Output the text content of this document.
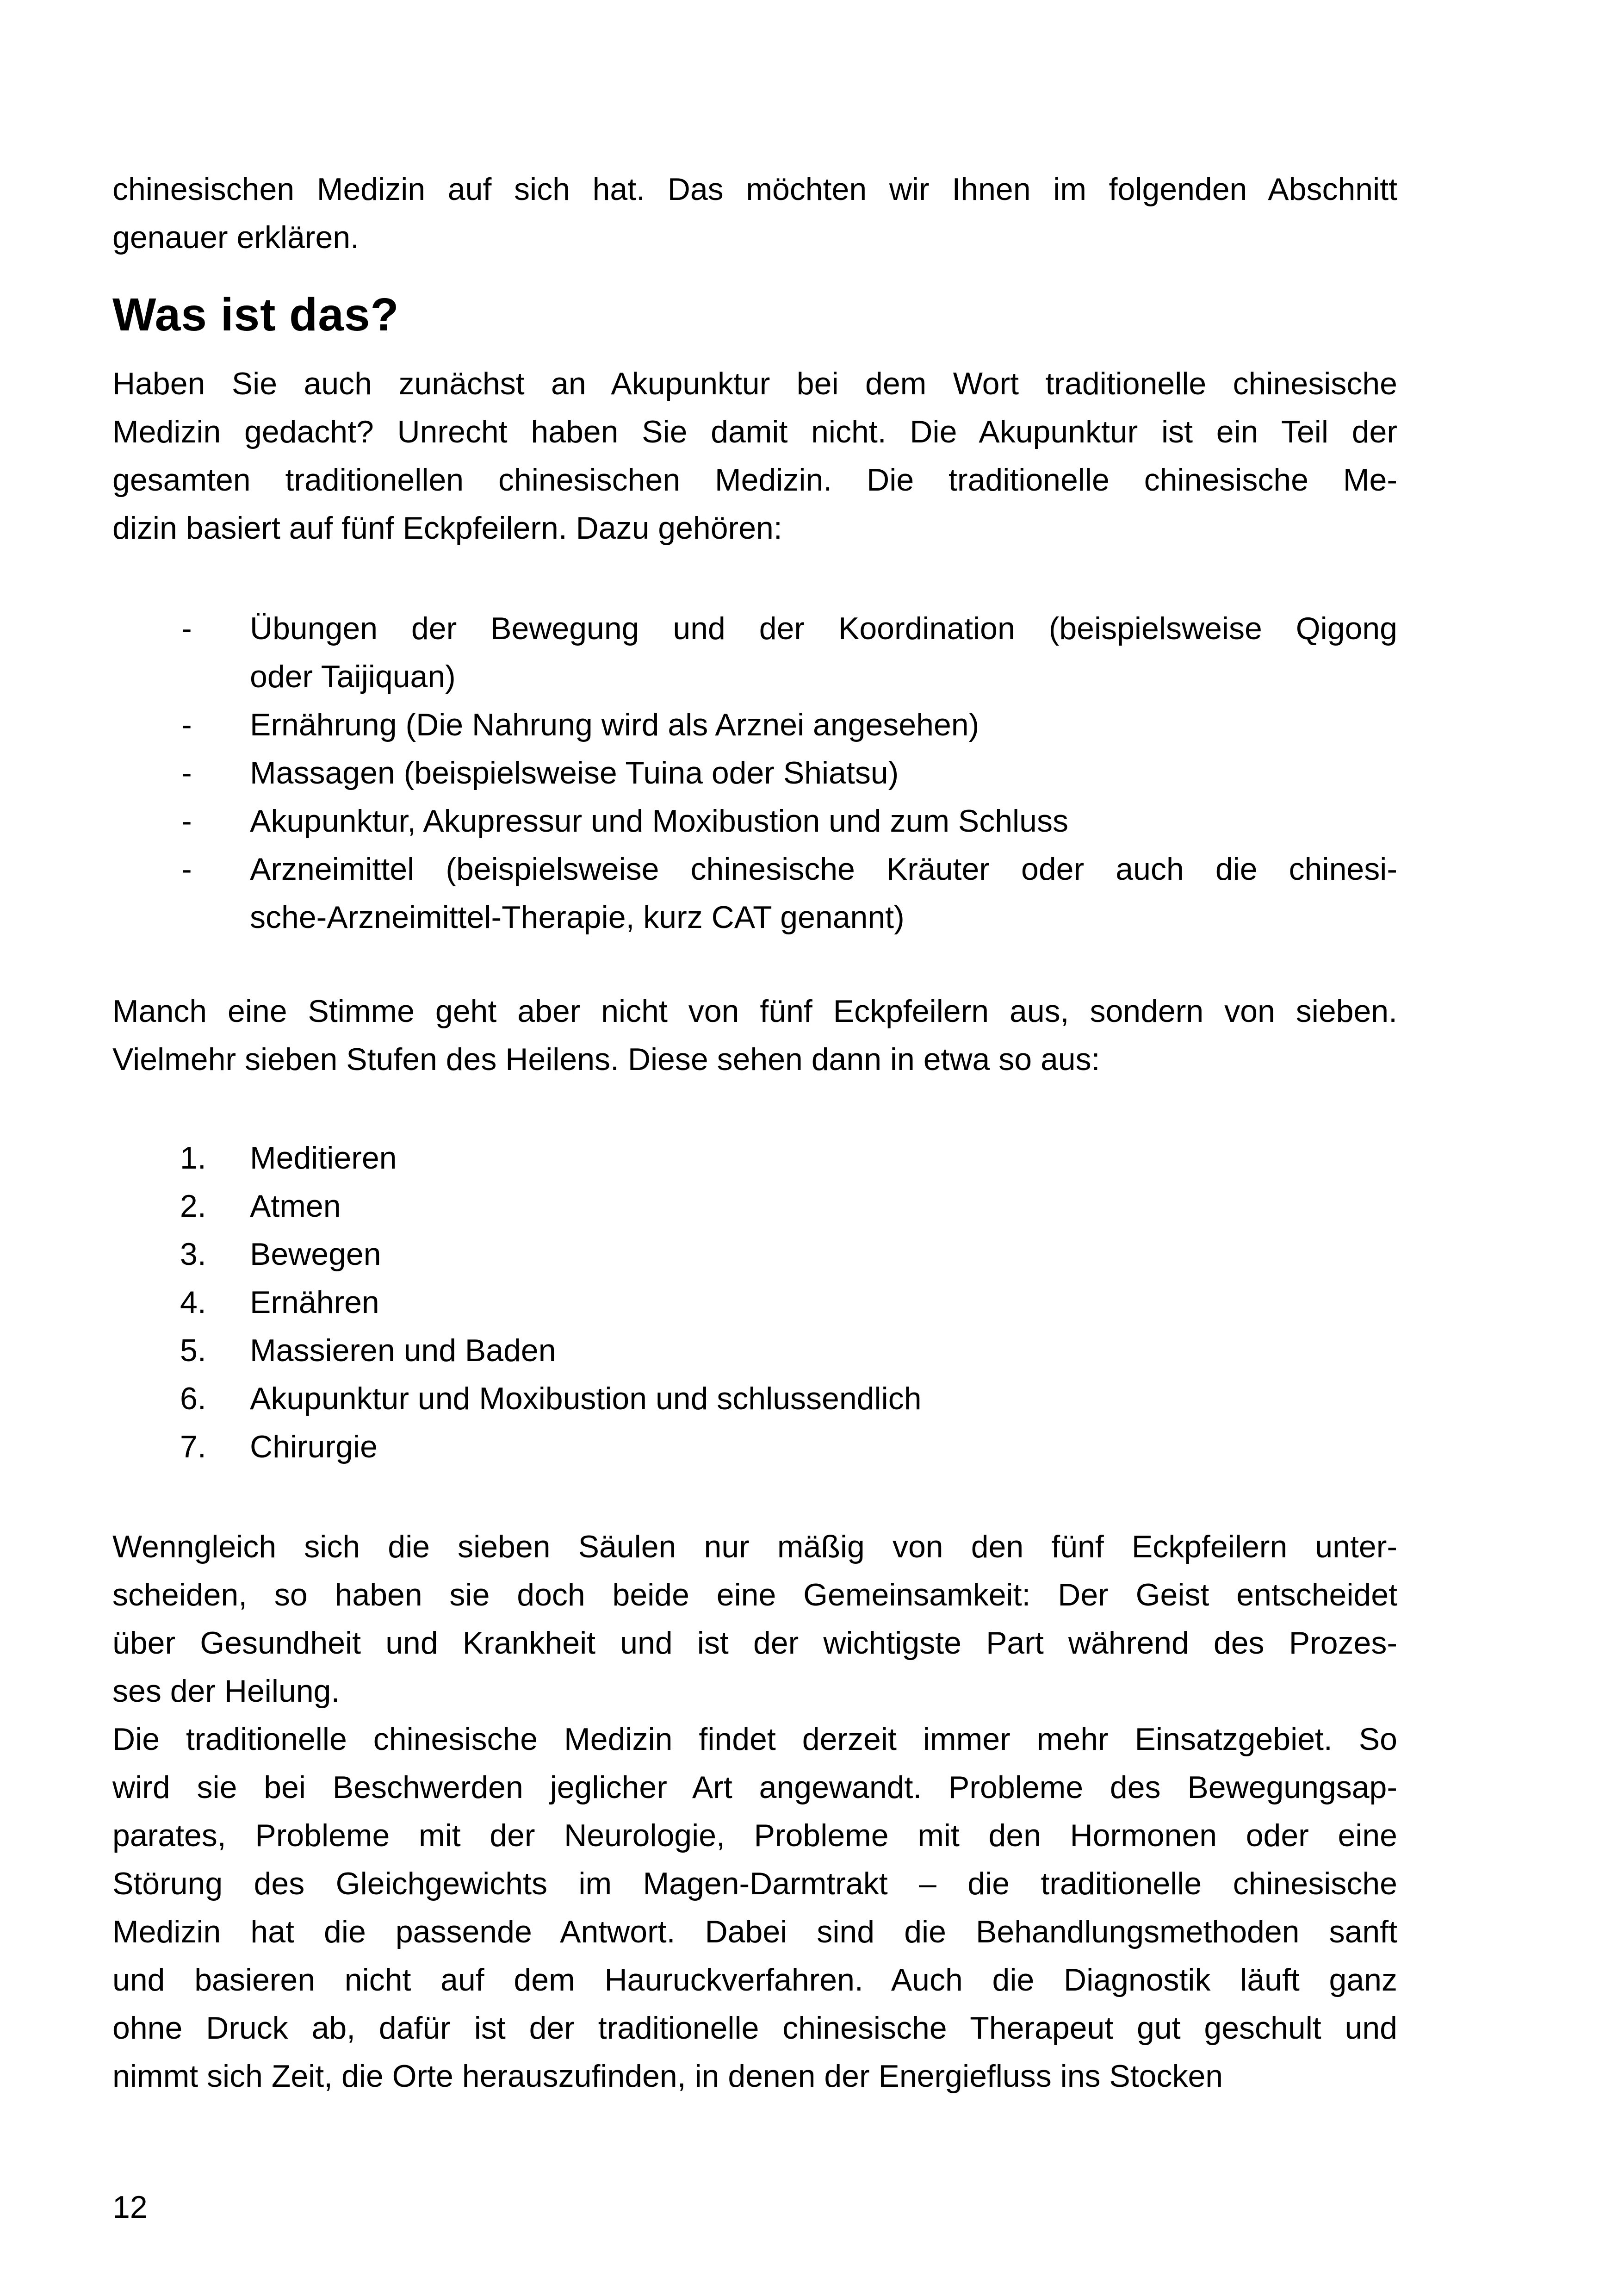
chinesischen Medizin auf sich hat. Das möchten wir Ihnen im folgenden Abschnitt
genauer erklären.

Was ist das?

Haben Sie auch zunächst an Akupunktur bei dem Wort traditionelle chinesische
Medizin gedacht? Unrecht haben Sie damit nicht. Die Akupunktur ist ein Teil der
gesamten traditionellen chinesischen Medizin. Die traditionelle chinesische Me-
dizin basiert auf fünf Eckpfeilern. Dazu gehören:

- Übungen der Bewegung und der Koordination (beispielsweise Qigong
oder Taijiquan)
- Ernährung (Die Nahrung wird als Arznei angesehen)
- Massagen (beispielsweise Tuina oder Shiatsu)
- Akupunktur, Akupressur und Moxibustion und zum Schluss
- Arzneimittel (beispielsweise chinesische Kräuter oder auch die chinesi-
sche-Arzneimittel-Therapie, kurz CAT genannt)

Manch eine Stimme geht aber nicht von fünf Eckpfeilern aus, sondern von sieben.
Vielmehr sieben Stufen des Heilens. Diese sehen dann in etwa so aus:

1. Meditieren
2. Atmen
3. Bewegen
4. Ernähren
5. Massieren und Baden
6. Akupunktur und Moxibustion und schlussendlich
7. Chirurgie

Wenngleich sich die sieben Säulen nur mäßig von den fünf Eckpfeilern unter-
scheiden, so haben sie doch beide eine Gemeinsamkeit: Der Geist entscheidet
über Gesundheit und Krankheit und ist der wichtigste Part während des Prozes-
ses der Heilung.

Die traditionelle chinesische Medizin findet derzeit immer mehr Einsatzgebiet. So
wird sie bei Beschwerden jeglicher Art angewandt. Probleme des Bewegungsap-
parates, Probleme mit der Neurologie, Probleme mit den Hormonen oder eine
Störung des Gleichgewichts im Magen-Darmtrakt – die traditionelle chinesische
Medizin hat die passende Antwort. Dabei sind die Behandlungsmethoden sanft
und basieren nicht auf dem Hauruckverfahren. Auch die Diagnostik läuft ganz
ohne Druck ab, dafür ist der traditionelle chinesische Therapeut gut geschult und
nimmt sich Zeit, die Orte herauszufinden, in denen der Energiefluss ins Stocken

12
